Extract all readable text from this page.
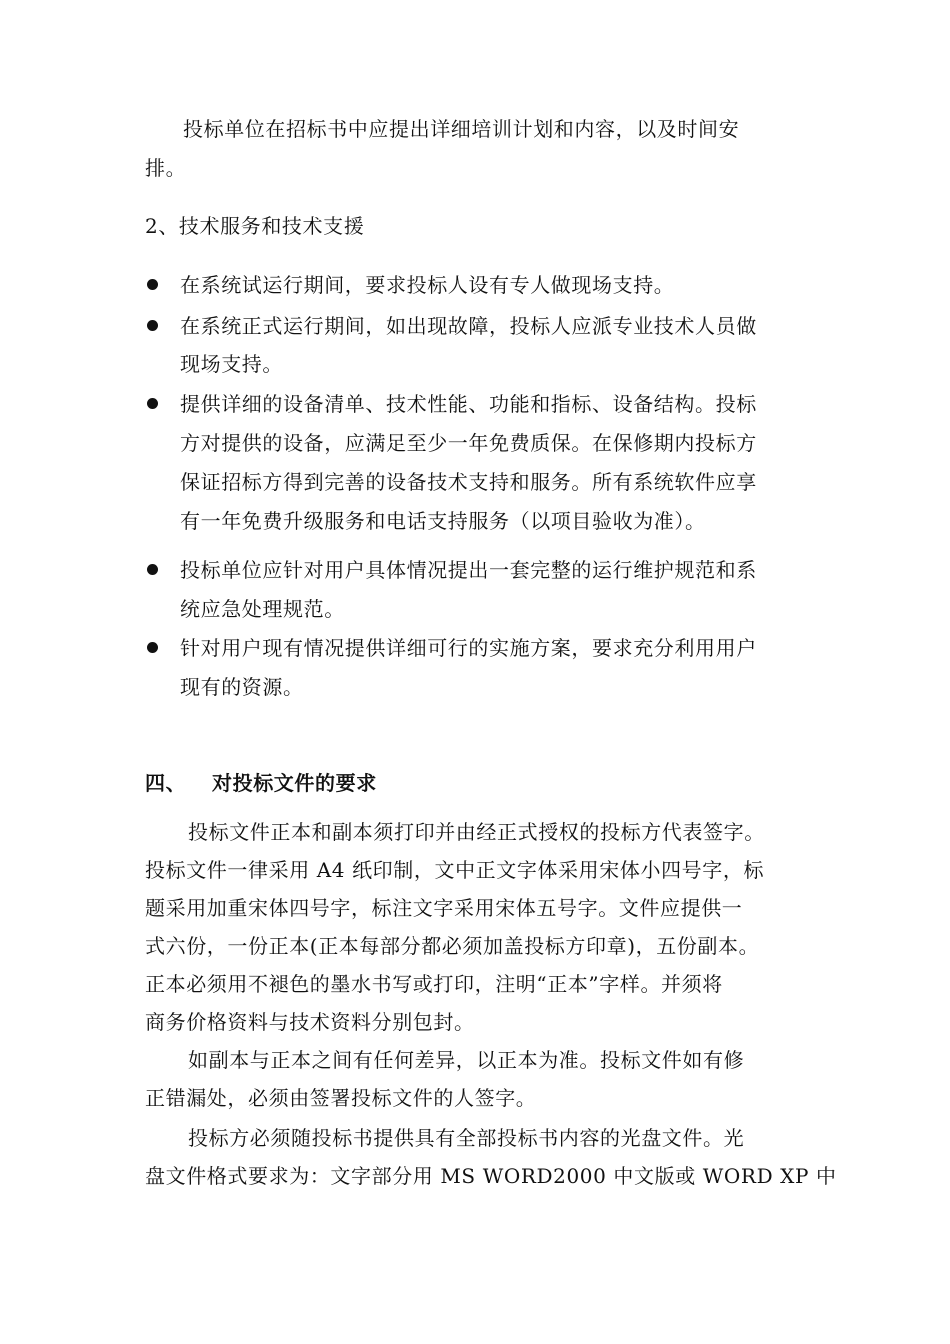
投标单位在招标书中应提出详细培训计划和内容，以及时间安
排。
2、技术服务和技术支援
在系统试运行期间，要求投标人设有专人做现场支持。
在系统正式运行期间，如出现故障，投标人应派专业技术人员做
现场支持。
提供详细的设备清单、技术性能、功能和指标、设备结构。投标
方对提供的设备，应满足至少一年免费质保。在保修期内投标方
保证招标方得到完善的设备技术支持和服务。所有系统软件应享
有一年免费升级服务和电话支持服务（以项目验收为准）。
投标单位应针对用户具体情况提出一套完整的运行维护规范和系
统应急处理规范。
针对用户现有情况提供详细可行的实施方案，要求充分利用用户
现有的资源。
四、 对投标文件的要求
投标文件正本和副本须打印并由经正式授权的投标方代表签字。
投标文件一律采用 A4 纸印制，文中正文字体采用宋体小四号字，标
题采用加重宋体四号字，标注文字采用宋体五号字。文件应提供一
式六份，一份正本(正本每部分都必须加盖投标方印章)，五份副本。
正本必须用不褪色的墨水书写或打印，注明“正本”字样。并须将
商务价格资料与技术资料分别包封。
如副本与正本之间有任何差异，以正本为准。投标文件如有修
正错漏处，必须由签署投标文件的人签字。
投标方必须随投标书提供具有全部投标书内容的光盘文件。光
盘文件格式要求为：文字部分用 MS WORD2000 中文版或 WORD XP 中
